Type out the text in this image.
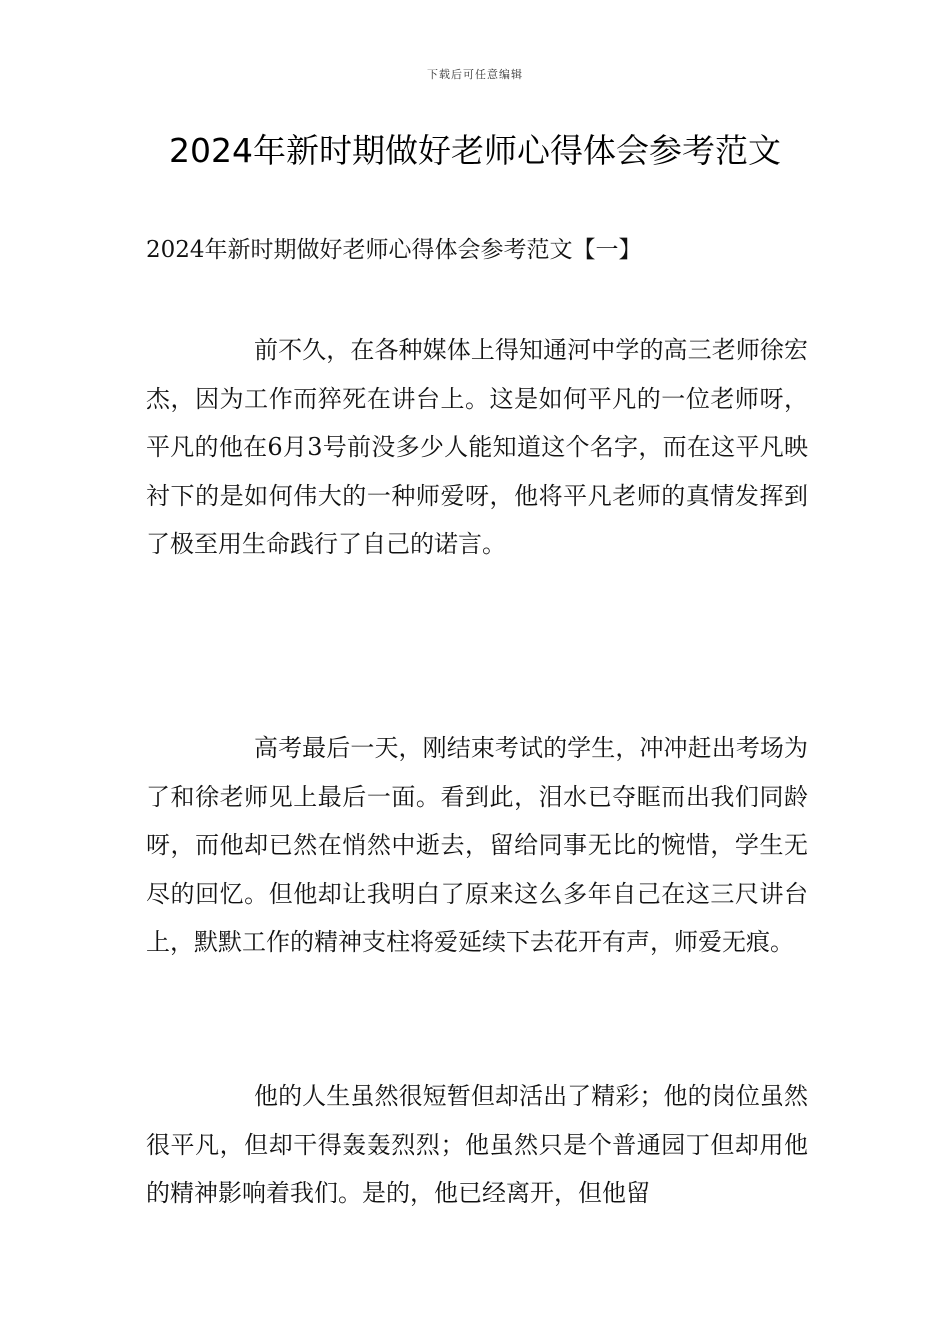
下载后可任意编辑
2024年新时期做好老师心得体会参考范文

2024年新时期做好老师心得体会参考范文【一】

前不久，在各种媒体上得知通河中学的高三老师徐宏杰，因为工作而猝死在讲台上。这是如何平凡的一位老师呀，平凡的他在6月3号前没多少人能知道这个名字，而在这平凡映衬下的是如何伟大的一种师爱呀，他将平凡老师的真情发挥到了极至用生命践行了自己的诺言。

高考最后一天，刚结束考试的学生，冲冲赶出考场为了和徐老师见上最后一面。看到此，泪水已夺眶而出我们同龄呀，而他却已然在悄然中逝去，留给同事无比的惋惜，学生无尽的回忆。但他却让我明白了原来这么多年自己在这三尺讲台上，默默工作的精神支柱将爱延续下去花开有声，师爱无痕。

他的人生虽然很短暂但却活出了精彩；他的岗位虽然很平凡，但却干得轰轰烈烈；他虽然只是个普通园丁但却用他的精神影响着我们。是的，他已经离开，但他留
